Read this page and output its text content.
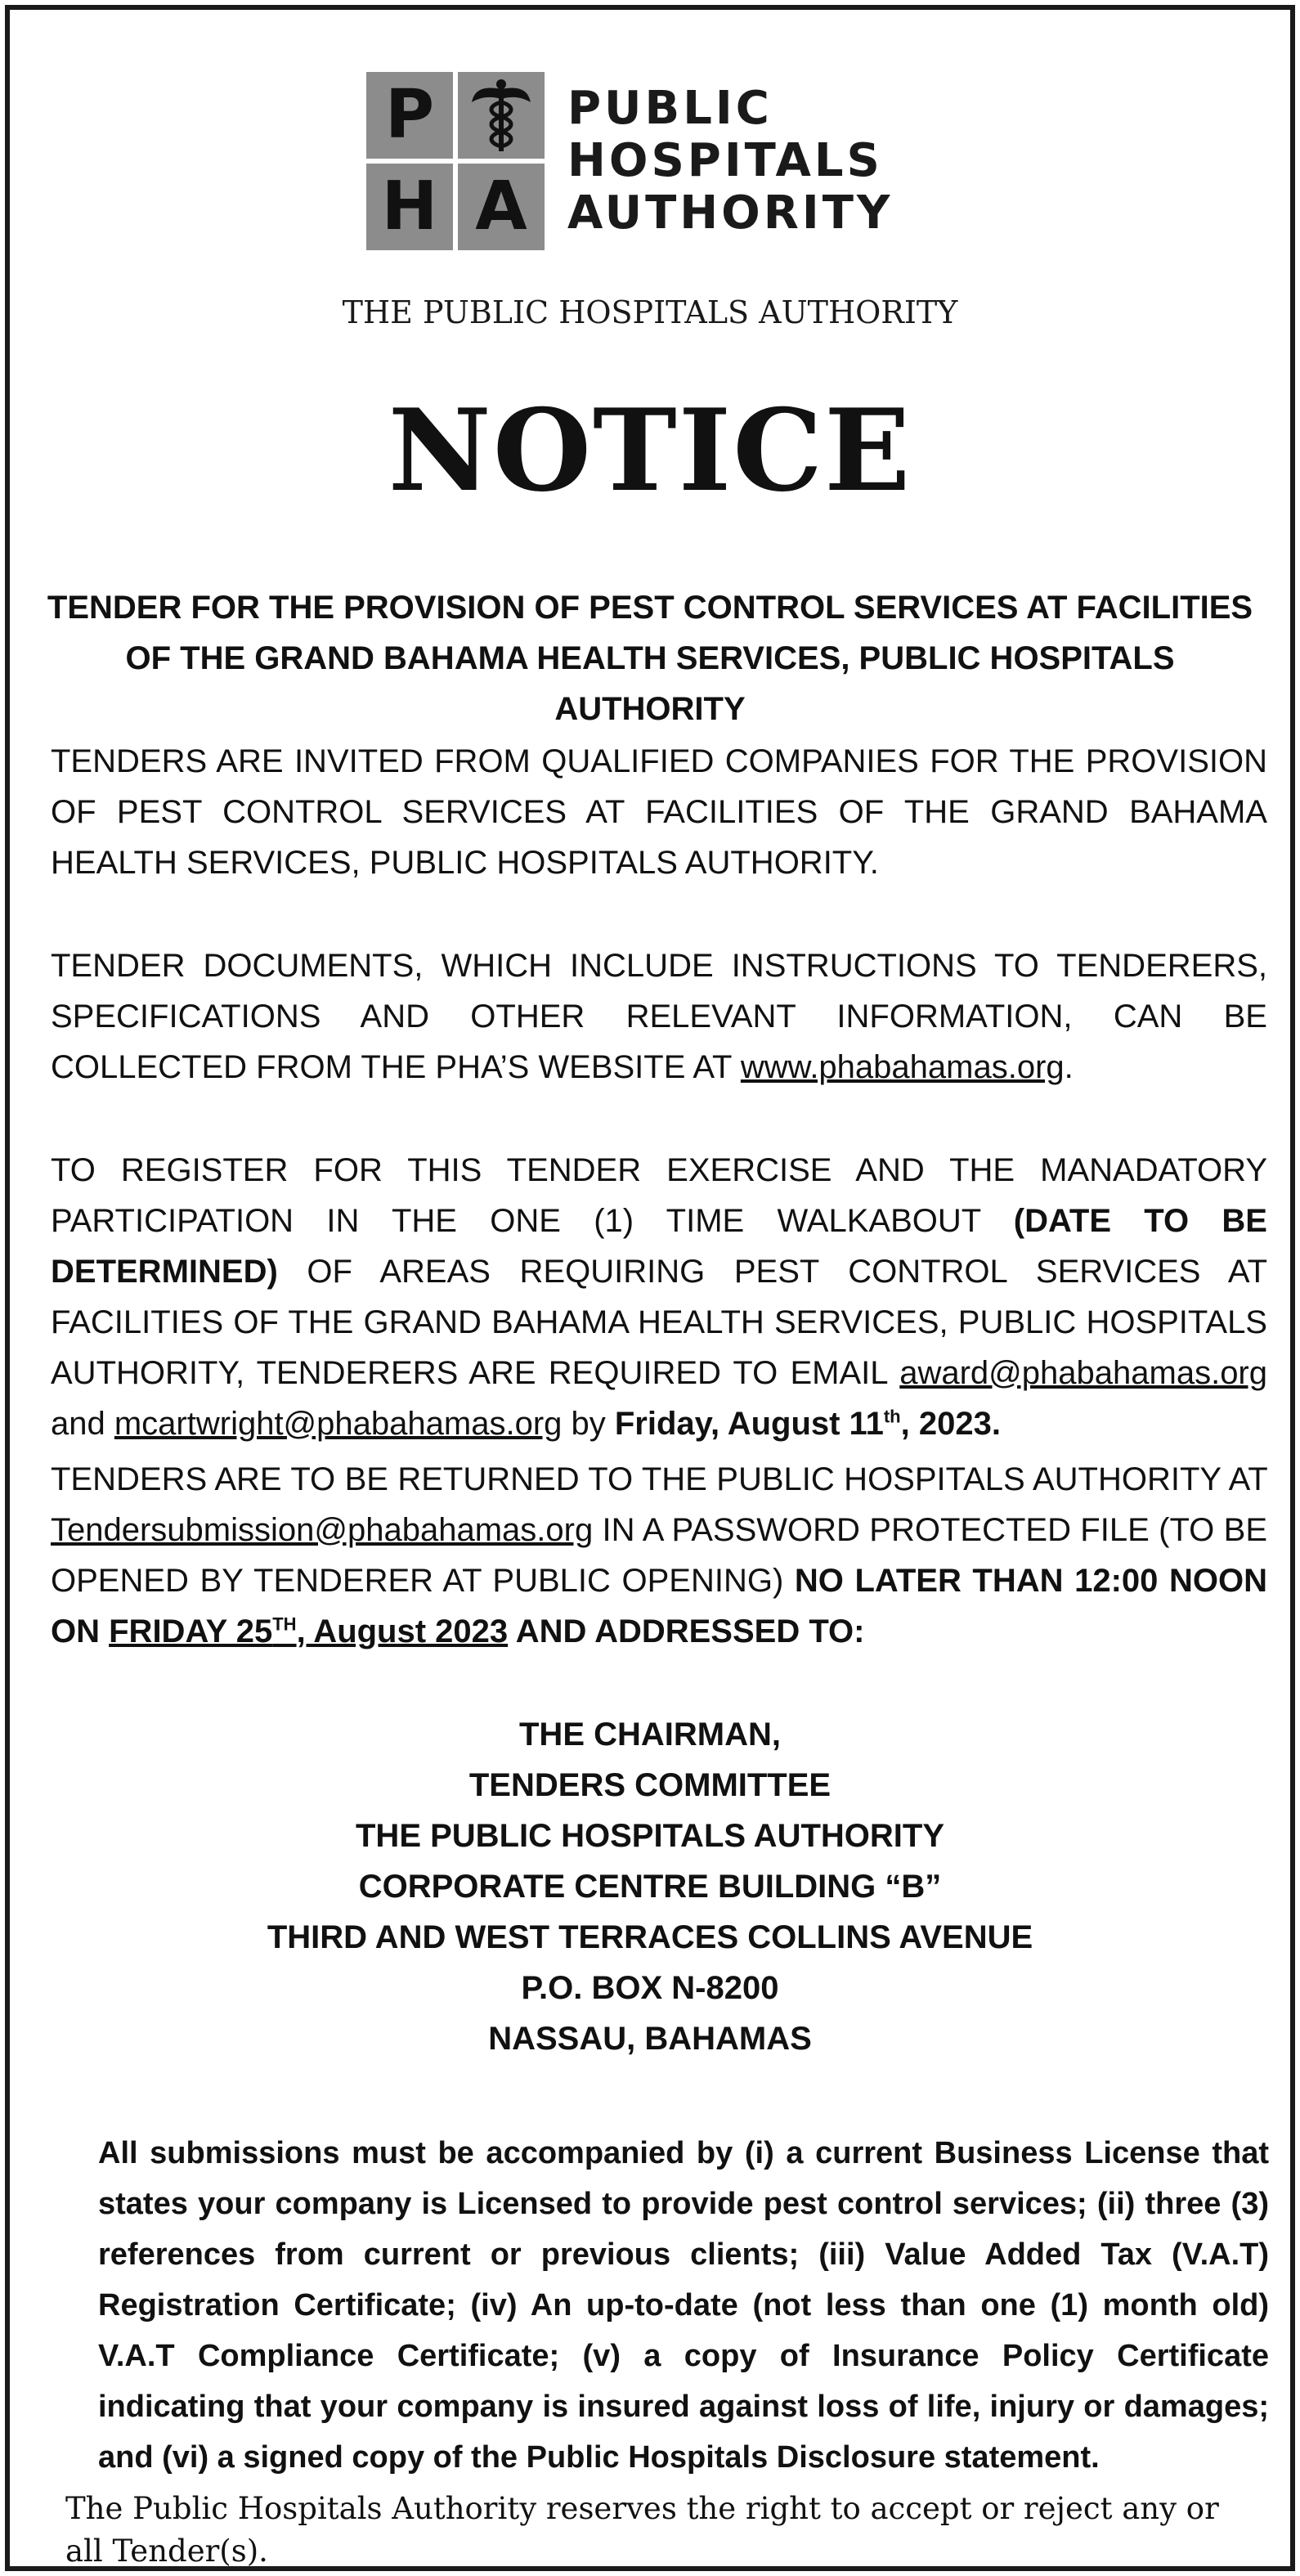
P
H A
PUBLIC
HOSPITALS
AUTHORITY
THE PUBLIC HOSPITALS AUTHORITY
NOTICE
TENDER FOR THE PROVISION OF PEST CONTROL SERVICES AT FACILITIES OF THE GRAND BAHAMA HEALTH SERVICES, PUBLIC HOSPITALS AUTHORITY
TENDERS ARE INVITED FROM QUALIFIED COMPANIES FOR THE PROVISION OF PEST CONTROL SERVICES AT FACILITIES OF THE GRAND BAHAMA HEALTH SERVICES, PUBLIC HOSPITALS AUTHORITY.
TENDER DOCUMENTS, WHICH INCLUDE INSTRUCTIONS TO TENDERERS, SPECIFICATIONS AND OTHER RELEVANT INFORMATION, CAN BE COLLECTED FROM THE PHA’S WEBSITE AT www.phabahamas.org.
TO REGISTER FOR THIS TENDER EXERCISE AND THE MANADATORY PARTICIPATION IN THE ONE (1) TIME WALKABOUT (DATE TO BE DETERMINED) OF AREAS REQUIRING PEST CONTROL SERVICES AT FACILITIES OF THE GRAND BAHAMA HEALTH SERVICES, PUBLIC HOSPITALS AUTHORITY, TENDERERS ARE REQUIRED TO EMAIL award@phabahamas.org and mcartwright@phabahamas.org by Friday, August 11th, 2023.
TENDERS ARE TO BE RETURNED TO THE PUBLIC HOSPITALS AUTHORITY AT Tendersubmission@phabahamas.org IN A PASSWORD PROTECTED FILE (TO BE OPENED BY TENDERER AT PUBLIC OPENING) NO LATER THAN 12:00 NOON ON FRIDAY 25TH, August 2023 AND ADDRESSED TO:
THE CHAIRMAN,
TENDERS COMMITTEE
THE PUBLIC HOSPITALS AUTHORITY
CORPORATE CENTRE BUILDING “B”
THIRD AND WEST TERRACES COLLINS AVENUE
P.O. BOX N-8200
NASSAU, BAHAMAS
All submissions must be accompanied by (i) a current Business License that states your company is Licensed to provide pest control services; (ii) three (3) references from current or previous clients; (iii) Value Added Tax (V.A.T) Registration Certificate; (iv) An up-to-date (not less than one (1) month old) V.A.T Compliance Certificate; (v) a copy of Insurance Policy Certificate indicating that your company is insured against loss of life, injury or damages; and (vi) a signed copy of the Public Hospitals Disclosure statement.
The Public Hospitals Authority reserves the right to accept or reject any or all Tender(s).
